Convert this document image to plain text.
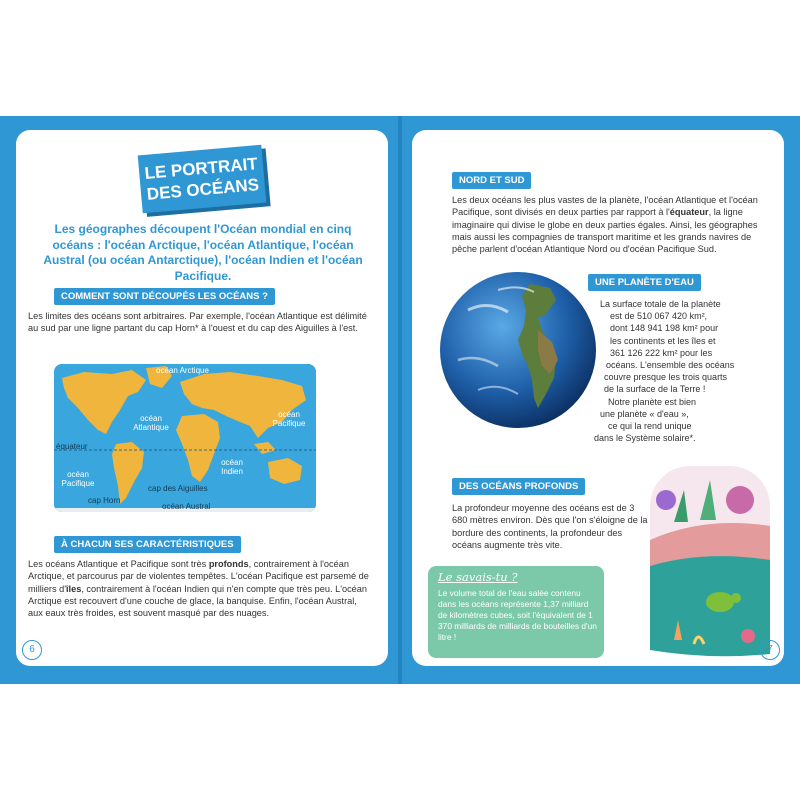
LE PORTRAIT DES OCÉANS
Les géographes découpent l'Océan mondial en cinq océans : l'océan Arctique, l'océan Atlantique, l'océan Austral (ou océan Antarctique), l'océan Indien et l'océan Pacifique.
COMMENT SONT DÉCOUPÉS LES OCÉANS ?
Les limites des océans sont arbitraires. Par exemple, l'océan Atlantique est délimité au sud par une ligne partant du cap Horn* à l'ouest et du cap des Aiguilles à l'est.
océan Arctique
océan
Atlantique
océan
Pacifique
équateur
océan
Indien
océan
Pacifique
cap des Aiguilles
cap Horn
océan Austral
À CHACUN SES CARACTÉRISTIQUES
Les océans Atlantique et Pacifique sont très profonds, contrairement à l'océan Arctique, et parcourus par de violentes tempêtes. L'océan Pacifique est parsemé de milliers d'îles, contrairement à l'océan Indien qui n'en compte que très peu. L'océan Arctique est recouvert d'une couche de glace, la banquise. Enfin, l'océan Austral, aux eaux très froides, est souvent masqué par des nuages.
6
NORD ET SUD
Les deux océans les plus vastes de la planète, l'océan Atlantique et l'océan Pacifique, sont divisés en deux parties par rapport à l'équateur, la ligne imaginaire qui divise le globe en deux parties égales. Ainsi, les géographes mais aussi les compagnies de transport maritime et les grands navires de pêche parlent d'océan Atlantique Nord ou d'océan Pacifique Sud.
UNE PLANÈTE D'EAU
La surface totale de la planète
est de 510 067 420 km²,
dont 148 941 198 km² pour
les continents et les îles et
361 126 222 km² pour les
océans. L'ensemble des océans
couvre presque les trois quarts
de la surface de la Terre !
Notre planète est bien
une planète « d'eau »,
ce qui la rend unique
dans le Système solaire*.
DES OCÉANS PROFONDS
La profondeur moyenne des océans est de 3 680 mètres environ. Dès que l'on s'éloigne de la bordure des continents, la profondeur des océans augmente très vite.
Le savais-tu ?
Le volume total de l'eau salée contenu dans les océans représente 1,37 milliard de kilomètres cubes, soit l'équivalent de 1 370 milliards de milliards de bouteilles d'un litre !
7
